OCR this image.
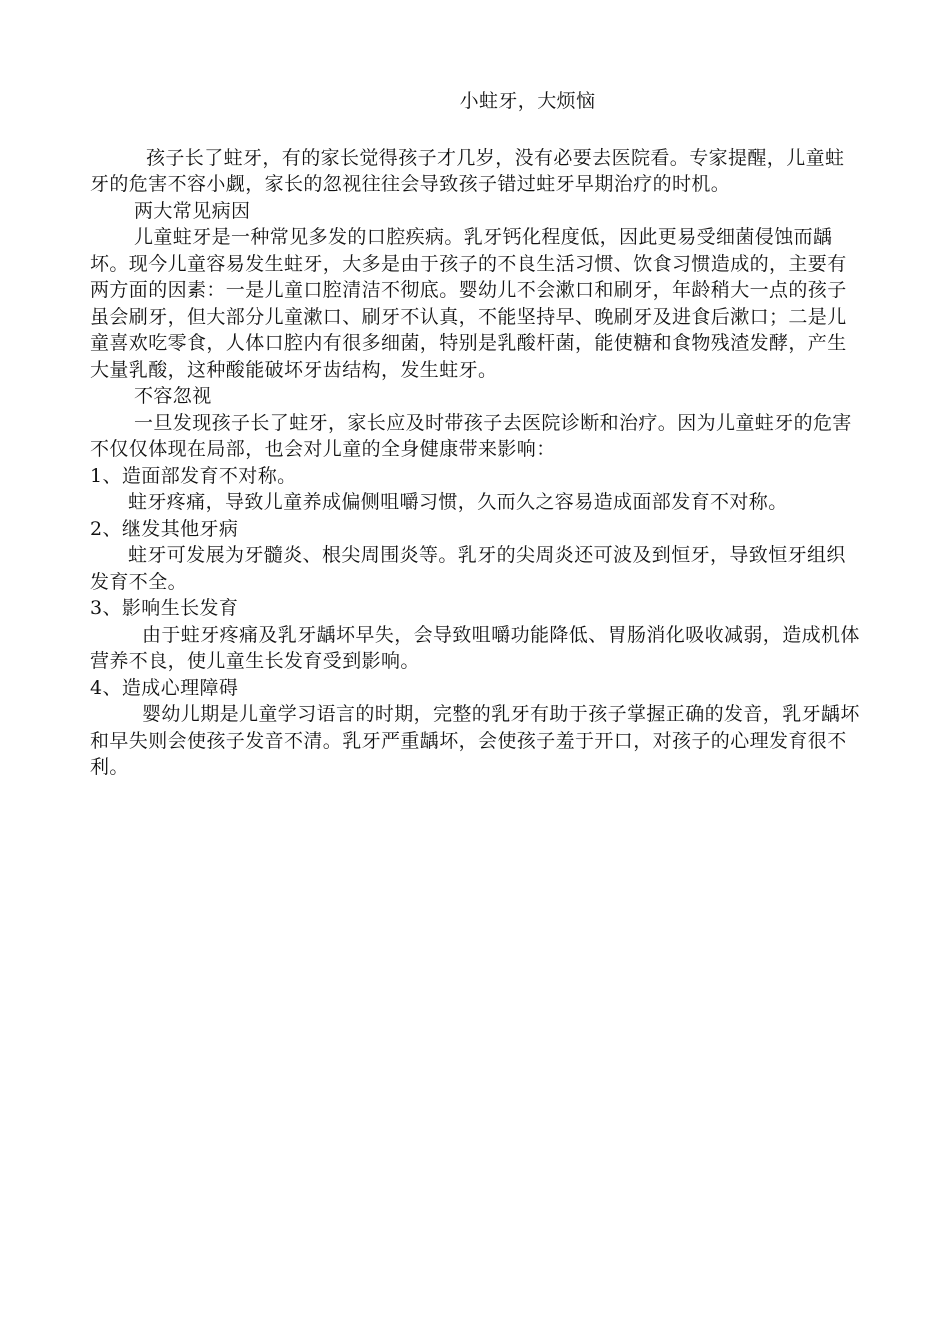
小蛀牙，大烦恼

孩子长了蛀牙，有的家长觉得孩子才几岁，没有必要去医院看。专家提醒，儿童蛀牙的危害不容小觑，家长的忽视往往会导致孩子错过蛀牙早期治疗的时机。

两大常见病因

儿童蛀牙是一种常见多发的口腔疾病。乳牙钙化程度低，因此更易受细菌侵蚀而龋坏。现今儿童容易发生蛀牙，大多是由于孩子的不良生活习惯、饮食习惯造成的，主要有两方面的因素：一是儿童口腔清洁不彻底。婴幼儿不会漱口和刷牙，年龄稍大一点的孩子虽会刷牙，但大部分儿童漱口、刷牙不认真，不能坚持早、晚刷牙及进食后漱口；二是儿童喜欢吃零食，人体口腔内有很多细菌，特别是乳酸杆菌，能使糖和食物残渣发酵，产生大量乳酸，这种酸能破坏牙齿结构，发生蛀牙。

不容忽视

一旦发现孩子长了蛀牙，家长应及时带孩子去医院诊断和治疗。因为儿童蛀牙的危害不仅仅体现在局部，也会对儿童的全身健康带来影响：

1、造面部发育不对称。

蛀牙疼痛，导致儿童养成偏侧咀嚼习惯，久而久之容易造成面部发育不对称。

2、继发其他牙病

蛀牙可发展为牙髓炎、根尖周围炎等。乳牙的尖周炎还可波及到恒牙，导致恒牙组织发育不全。

3、影响生长发育

由于蛀牙疼痛及乳牙龋坏早失，会导致咀嚼功能降低、胃肠消化吸收减弱，造成机体营养不良，使儿童生长发育受到影响。

4、造成心理障碍

婴幼儿期是儿童学习语言的时期，完整的乳牙有助于孩子掌握正确的发音，乳牙龋坏和早失则会使孩子发音不清。乳牙严重龋坏，会使孩子羞于开口，对孩子的心理发育很不利。
